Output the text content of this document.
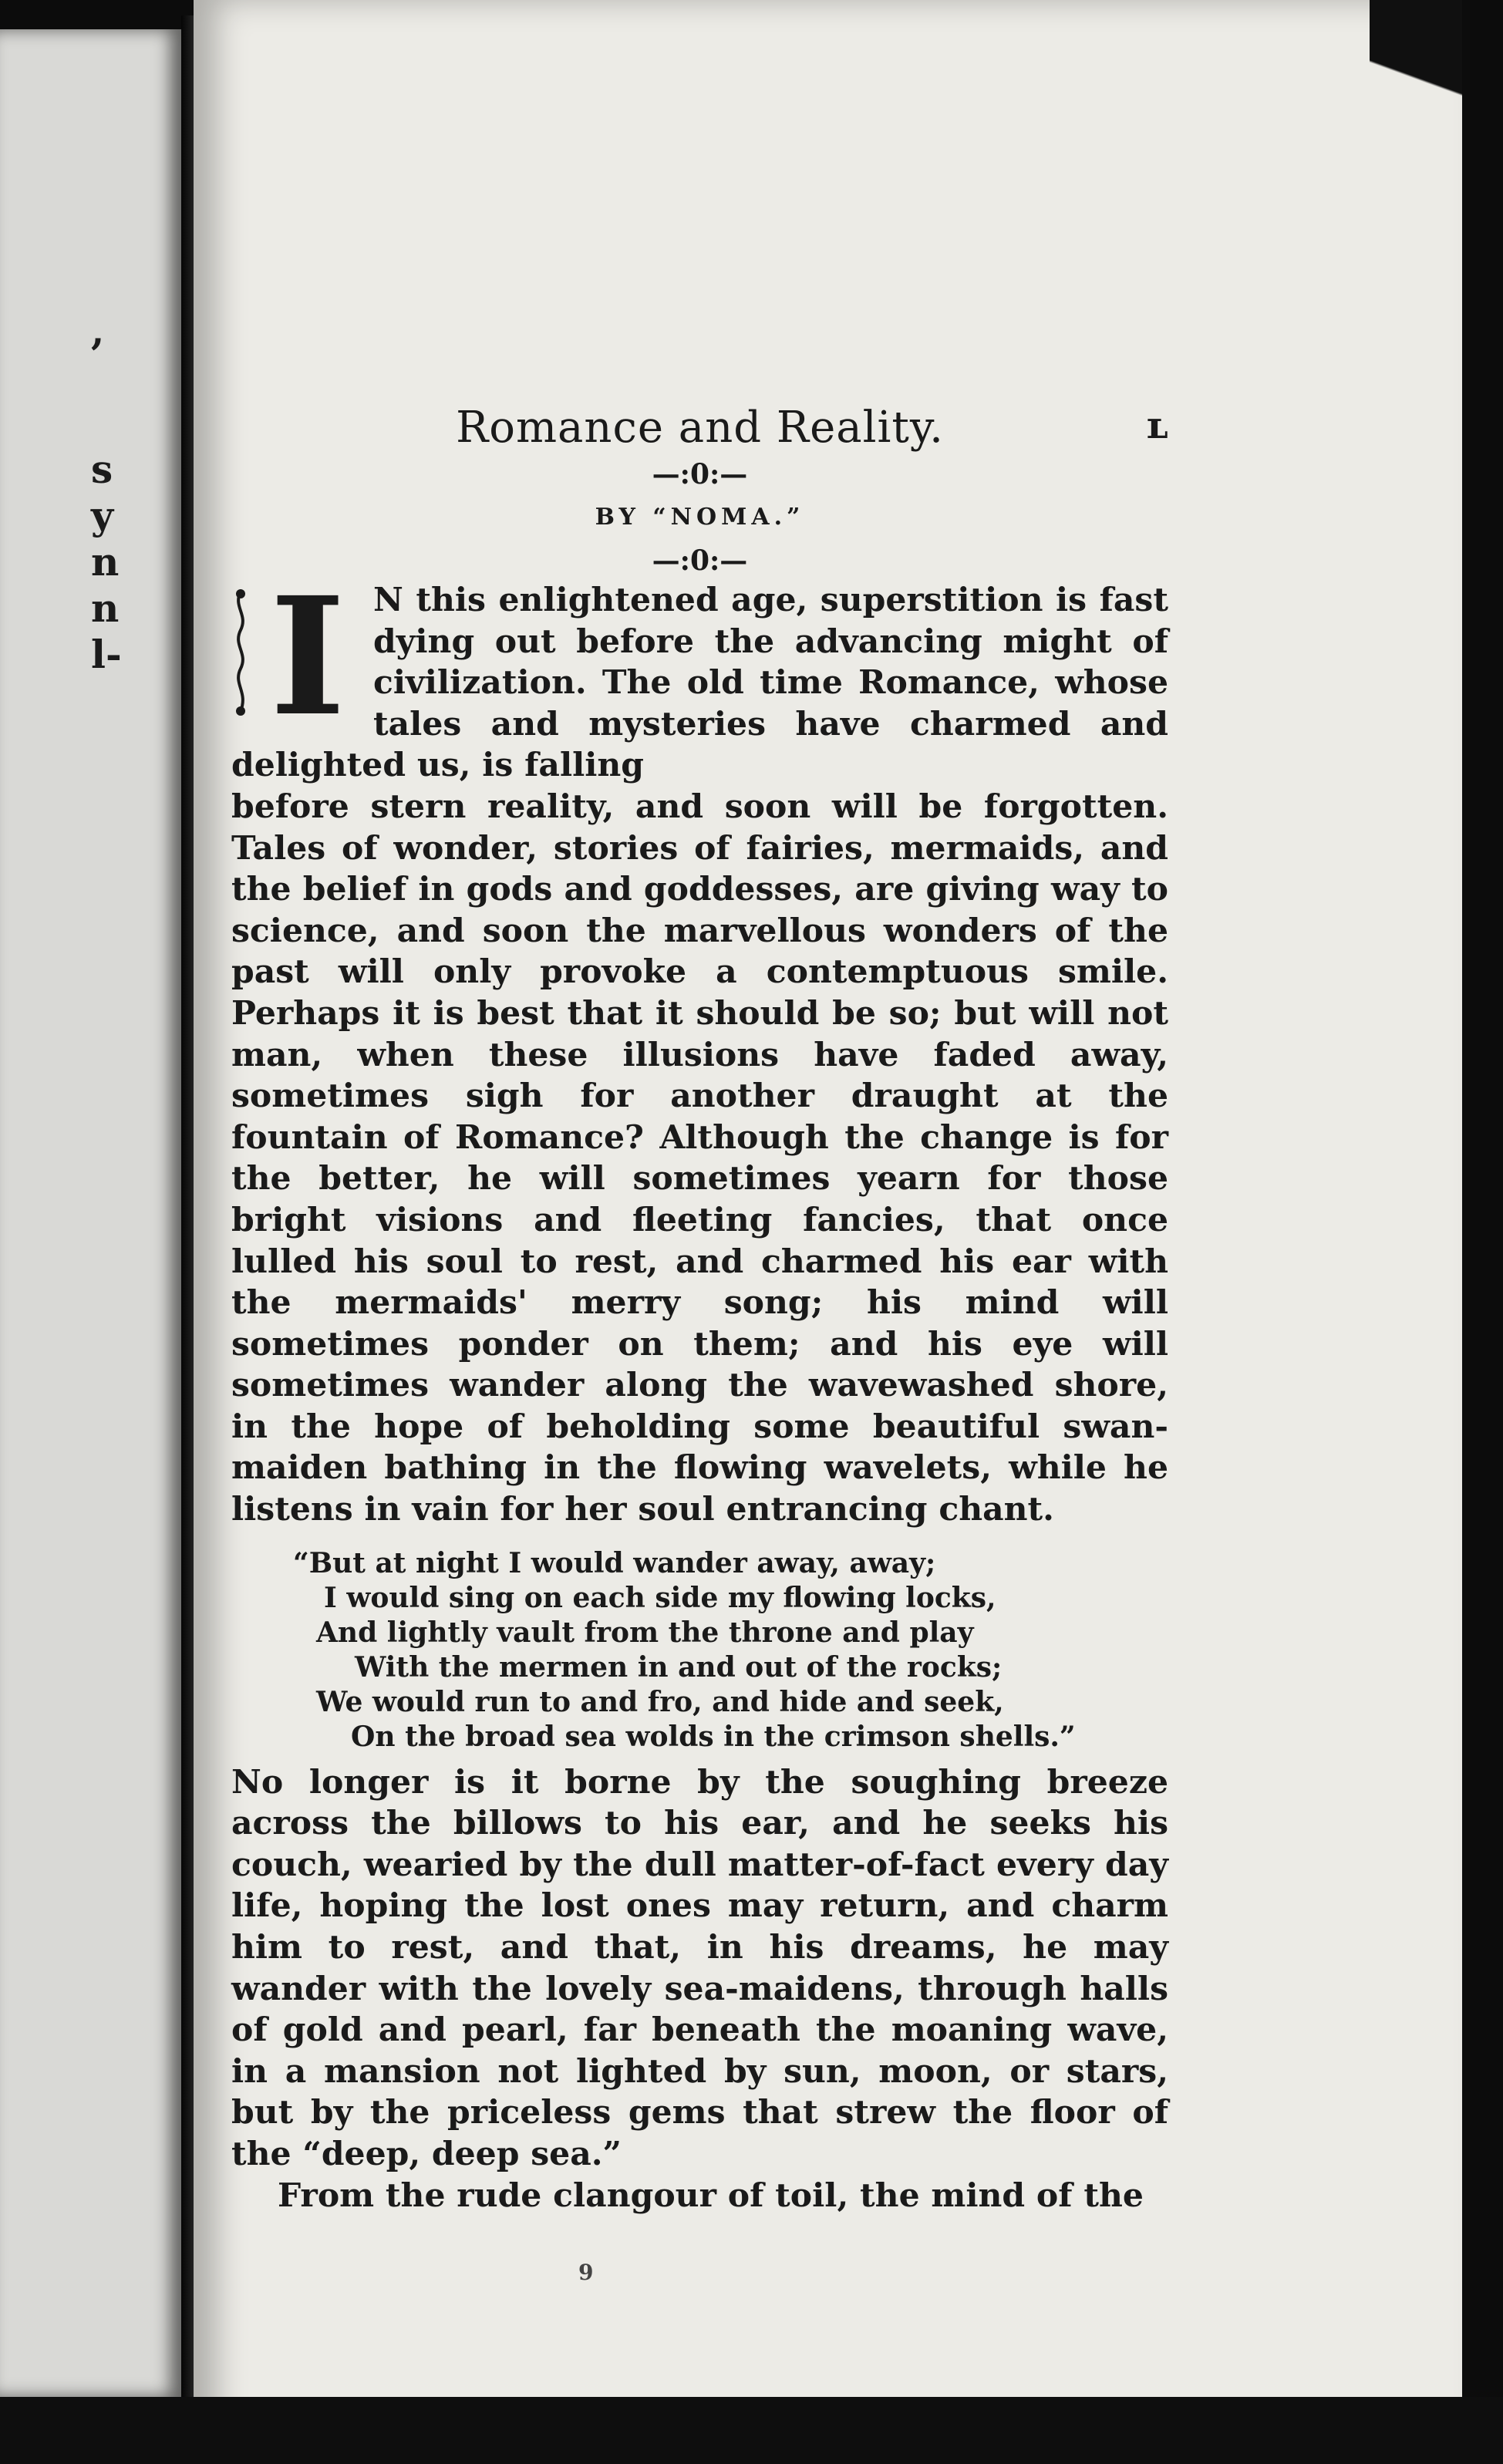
,
s
y
n
n
l-
Romance and Reality.	ʟ
—:0:—
BY “NOMA.”
—:0:—
I N this enlightened age, superstition is fast dying out before the advancing might of civilization. The old time Romance, whose tales and mysteries have charmed and delighted us, is falling

before stern reality, and soon will be forgotten. Tales of wonder, stories of fairies, mermaids, and the belief in gods and goddesses, are giving way to science, and soon the marvellous wonders of the past will only provoke a contemptuous smile. Perhaps it is best that it should be so; but will not man, when these illusions have faded away, sometimes sigh for another draught at the fountain of Romance? Although the change is for the better, he will sometimes yearn for those bright visions and fleeting fancies, that once lulled his soul to rest, and charmed his ear with the mermaids' merry song; his mind will sometimes ponder on them; and his eye will sometimes wander along the wavewashed shore, in the hope of beholding some beautiful swan-maiden bathing in the flowing wavelets, while he listens in vain for her soul entrancing chant.

“But at night I would wander away, away;
I would sing on each side my flowing locks,
And lightly vault from the throne and play
With the mermen in and out of the rocks;
We would run to and fro, and hide and seek,
On the broad sea wolds in the crimson shells.”

No longer is it borne by the soughing breeze across the billows to his ear, and he seeks his couch, wearied by the dull matter-of-fact every day life, hoping the lost ones may return, and charm him to rest, and that, in his dreams, he may wander with the lovely sea-maidens, through halls of gold and pearl, far beneath the moaning wave, in a mansion not lighted by sun, moon, or stars, but by the priceless gems that strew the floor of the “deep, deep sea.”

From the rude clangour of toil, the mind of the

9
